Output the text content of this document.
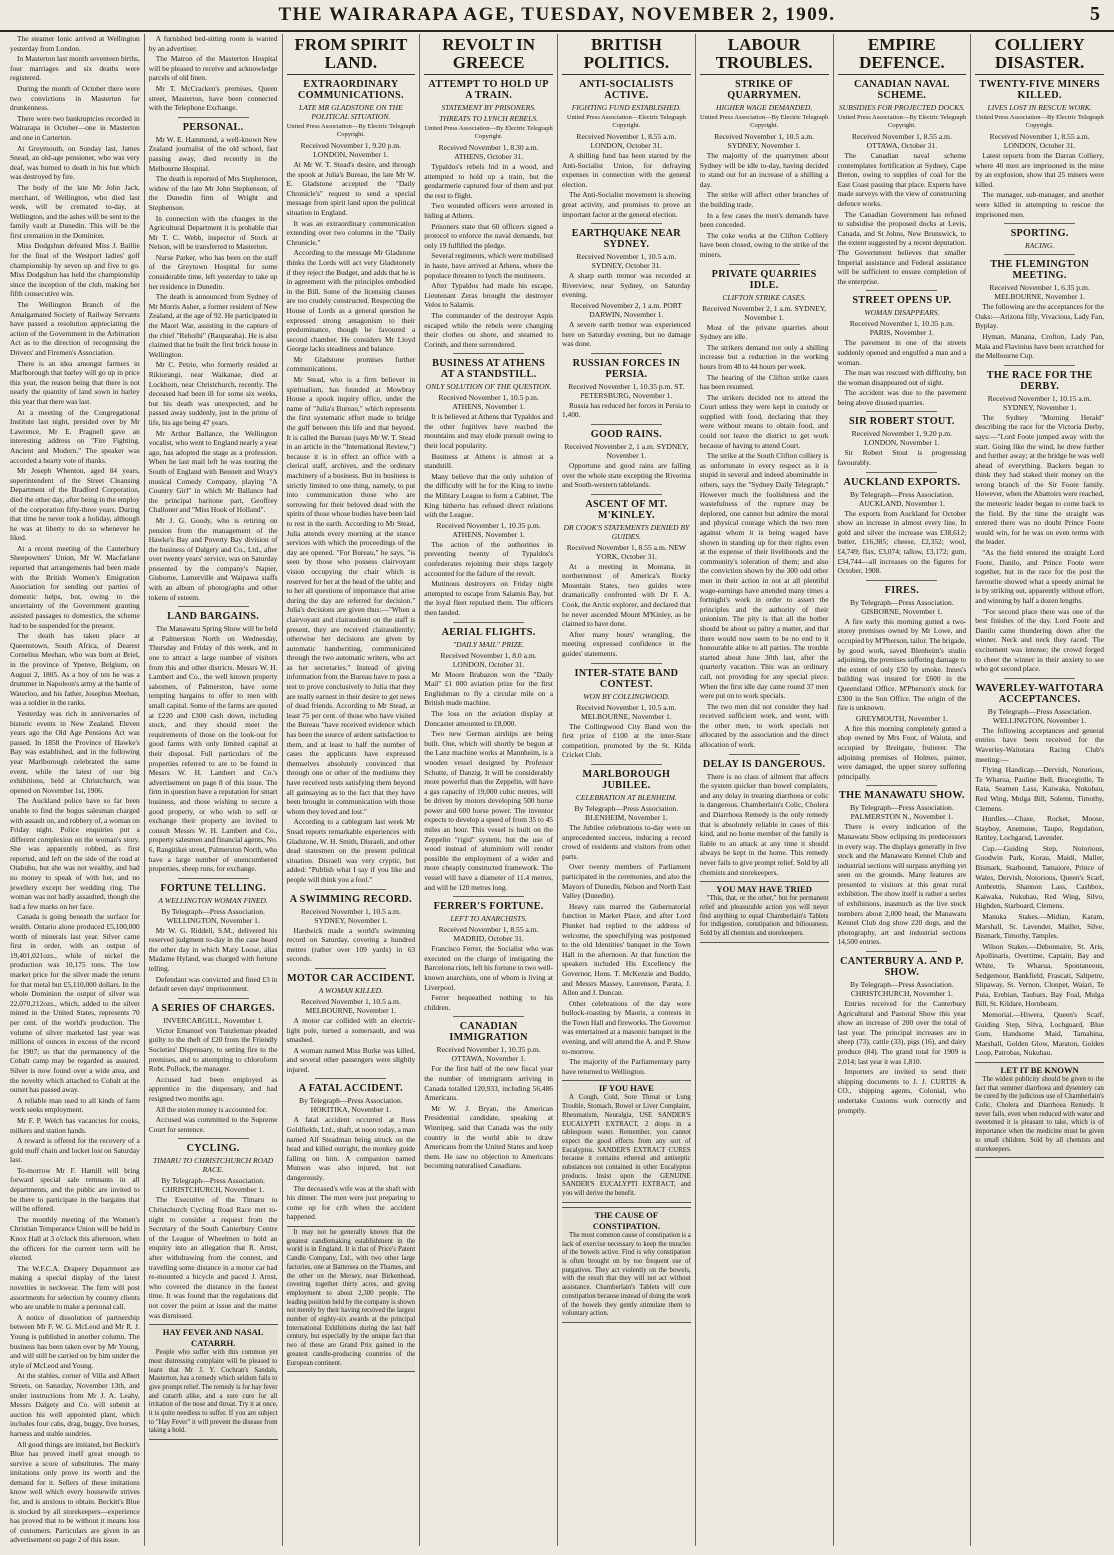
THE WAIRARAPA AGE, TUESDAY, NOVEMBER 2, 1909.	5
The steamer Ionic arrived at Wellington yesterday from London.
In Masterton last month seventeen births, four marriages and six deaths were registered.
During the month of October there were two convictions in Masterton for drunkenness.
There were two bankruptcies recorded in Wairarapa in October—one in Masterton and one in Carterton.
At Greymouth, on Sunday last, James Snead, an old-age pensioner, who was very deaf, was burned to death in his hut which was destroyed by fire.
The body of the late Mr John Jack, merchant, of Wellington, who died last week, will be cremated to-day, at Wellington, and the ashes will be sent to the family vault at Dunedin. This will be the first cremation in the Dominion.
Miss Dodgshun defeated Miss J. Baillie for the final of the Westport ladies' golf championship by seven up and five to go. Miss Dodgshun has held the championship since the inception of the club, making her fifth consecutive win.
The Wellington Branch of the Amalgamated Society of Railway Servants have passed a resolution appreciating the action of the Government in the Arbitration Act as to the direction of recognising the Drivers' and Firemen's Association.
There is an idea amongst farmers in Marlborough that barley will go up in price this year, the reason being that there is not nearly the quantity of land sown in barley this year that there was last.
At a meeting of the Congregational Institute last night, presided over by Mr Lawrence, Mr E. Pragnell gave an interesting address on "Fire Fighting, Ancient and Modern." The speaker was accorded a hearty vote of thanks.
Mr Joseph Whenton, aged 84 years, superintendent of the Street Cleansing Department of the Bradford Corporation, died the other day, after being in the employ of the corporation fifty-three years. During that time he never took a holiday, although he was at liberty to do so whenever he liked.
At a recent meeting of the Canterbury Sheepowners' Union, Mr W. Macfarlane reported that arrangements had been made with the British Women's Emigration Association for sending out parties of domestic helps, but, owing to the uncertainty of the Government granting assisted passages to domestics, the scheme had to be suspended for the present.
The death has taken place at Queenstown, South Africa, of Dearest Cornelius Meehan, who was born at Briel, in the province of Ypenve, Belgium, on August 2, 1805. As a boy of ten he was a drummer in Napoleon's army at the battle of Waterloo, and his father, Josephus Meehan, was a soldier in the ranks.
Yesterday was rich in anniversaries of historic events in New Zealand. Eleven years ago the Old Age Pensions Act was passed. In 1858 the Province of Hawke's Bay was established, and in the following year Marlborough celebrated the same event, while the latest of our big exhibitions, held at Christchurch, was opened on November 1st, 1906.
The Auckland police have so far been unable to find the bogus salesman charged with assault on, and robbery of, a woman on Friday night. Police enquiries put a different complexion on the woman's story. She was apparently robbed, as first reported, and left on the side of the road at Otahuhu, but she was not wealthy, and had no money to speak of with her, and no jewellery except her wedding ring. The woman was not badly assaulted, though she had a few marks on her face.
Canada is going beneath the surface for wealth. Ontario alone produced £5,100,000 worth of minerals last year. Silver came first in order, with an output of 19,401,021ozs., while of nickel the production was 10,175 tons. The low market price for the silver made the return for that metal but £5,110,000 dollars. In the whole Dominion the output of silver was 22,070,212ozs., which, added to the silver mined in the United States, represents 70 per cent. of the world's production. The volume of silver marketed last year was millions of ounces in excess of the record for 1907; so that the permanency of the Cobalt camp may be regarded as assured. Silver is now found over a wide area, and the novelty which attached to Cobalt at the outset has passed away.
A reliable man used to all kinds of farm work seeks employment.
Mr F. P. Welch has vacancies for cooks, milkers and station hands.
A reward is offered for the recovery of a gold muff chain and locket lost on Saturday last.
To-morrow Mr F. Hamill will bring forward special sale remnants in all departments, and the public are invited to be there to participate in the bargains that will be offered.
The monthly meeting of the Women's Christian Temperance Union will be held in Knox Hall at 3 o'clock this afternoon, when the officers for the current term will be elected.
The W.F.C.A. Drapery Department are making a special display of the latest novelties in neckwear. The firm will post assortments for selection by country clients who are unable to make a personal call.
A notice of dissolution of partnership between Mr F. W. G. McLeod and Mr R. J. Young is published in another column. The business has been taken over by Mr Young, and will still be carried on by him under the style of McLeod and Young.
At the stables, corner of Villa and Albert Streets, on Saturday, November 13th, and under instructions from Mr J. A. Leahy, Messrs Dalgety and Co. will submit at auction his well appointed plant, which includes four cabs, drag, buggy, five horses, harness and stable sundries.
All good things are imitated, but Beckitt's Blue has proved itself great enough to survive a score of substitutes. The many imitations only prove its worth and the demand for it. Sellers of these imitations know well which every housewife strives for, and is anxious to obtain. Beckitt's Blue is stocked by all storekeepers—experience has proved that to be without it means loss of customers. Particulars are given in an advertisement on page 2 of this issue.
A furnished bed-sitting room is wanted by an advertiser.
The Matron of the Masterton Hospital will be pleased to receive and acknowledge parcels of old linen.
Mr T. McCracken's premises, Queen street, Masterton, have been connected with the Telephone Exchange.
PERSONAL.
Mr W. E. Hammond, a well-known New Zealand journalist of the old school, fast passing away, died recently in the Melbourne Hospital.
The death is reported of Mrs Stephenson, widow of the late Mr John Stephenson, of the Dunedin firm of Wright and Stephenson.
In connection with the changes in the Agricultural Department it is probable that Mr T. C. Webb, inspector of Stock at Nelson, will be transferred to Masterton.
Nurse Parker, who has been on the staff of the Greytown Hospital for some considerable time, left yesterday to take up her residence in Dunedin.
The death is announced from Sydney of Mr Morris Asher, a former resident of New Zealand, at the age of 92. He participated in the Maori War, assisting in the capture of the chief "Rehoihi" (Rauparaha). He is also claimed that he built the first brick house in Wellington.
Mr C. Petrie, who formerly resided at Rikiorangi, near Waikanae, died at Lockhorn, near Christchurch, recently. The deceased had been ill for some six weeks, but his death was unexpected, and he passed away suddenly, just in the prime of life, his age being 47 years.
Mr Arthur Ballance, the Wellington vocalist, who went to England nearly a year ago, has adopted the stage as a profession. When he last mail left he was touring the South of England with Bennett and Wray's musical Comedy Company, playing "A Country Girl" in which Mr Ballance had the principal baritone part, Geoffrey Challoner and "Miss Hook of Holland".
Mr J. G. Goody, who is retiring on pension from the management of the Hawke's Bay and Poverty Bay division of the business of Dalgety and Co., Ltd., after over twenty years' service, was on Saturday presented by the company's Napier, Gisborne, Lamerville and Waipawa staffs with an album of photographs and other tokens of esteem.
LAND BARGAINS.
The Manawatu Spring Show will be held at Palmerston North on Wednesday, Thursday and Friday of this week, and in one to attract a large number of visitors from this and other districts. Messrs W. H. Lambert and Co., the well known property salesmen, of Palmerston, have some tempting bargains to offer to men with small capital. Some of the farms are quoted at £220 and £300 cash down, including stock, and they should meet the requirements of those on the look-out for good farms with only limited capital at their disposal. Full particulars of the properties referred to are to be found in Messrs W. H. Lambert and Co.'s advertisement on page 8 of this issue. The firm in question have a reputation for smart business, and those wishing to secure a good property, or who wish to sell or exchange their property are invited to consult Messrs W. H. Lambert and Co., property salesmen and financial agents, No. 6, Rangitikei street, Palmerston North, who have a large number of unencumbered properties, sheep runs, for exchange.
FORTUNE TELLING.
A WELLINGTON WOMAN FINED.
By Telegraph—Press Association. WELLINGTON, November 1.
Mr W. G. Riddell, S.M., delivered his reserved judgment to-day in the case heard the other day in which Mary Loose, alias Madame Hyland, was charged with fortune telling.
Defendant was convicted and fined £3 in default seven days' imprisonment.
A SERIES OF CHARGES.
INVERCARGILL, November 1.
Victor Emanuel von Tunzleman pleaded guilty to the theft of £20 from the Friendly Societies' Dispensary, to setting fire to the premises, and to attempting to chloroform Robt. Pollock, the manager.
Accused had been employed as apprentice in the dispensary, and had resigned two months ago.
All the stolen money is accounted for.
Accused was committed to the Supreme Court for sentence.
CYCLING.
TIMARU TO CHRISTCHURCH ROAD RACE.
By Telegraph—Press Association. CHRISTCHURCH, November 1.
The Executive of the Timaru to Christchurch Cycling Road Race met to-night to consider a request from the Secretary of the South Canterbury Centre of the League of Wheelmen to hold an enquiry into an allegation that R. Arnst, after withdrawing from the contest, and travelling some distance in a motor car had re-mounted a bicycle and paced J. Arnst, who covered the distance in the fastest time. It was found that the regulations did not cover the point at issue and the matter was dismissed.
HAY FEVER AND NASAL CATARRH.
People who suffer with this common yet most distressing complaint will be pleased to learn that Mr J. Y. Cochran's Sandals, Masterton, has a remedy which seldom fails to give prompt relief. The remedy is for hay fever and catarrh alike, and a sure cure for all irritation of the nose and throat. Try it at once, it is quite needless to suffer. If you are subject to "Hay Fever" it will prevent the disease from taking a hold.
FROM SPIRIT LAND.
EXTRAORDINARY COMMUNICATIONS.
LATE MR GLADSTONE ON THE POLITICAL SITUATION.
United Press Association—By Electric Telegraph Copyright.
Received November 1, 9.20 p.m. LONDON, November 1.
At Mr W. T. Stead's desire, and through the spook at Julia's Bureau, the late Mr W. E. Gladstone accepted the "Daily Chronicle's" request to send a special message from spirit land upon the political situation in England.
It was an extraordinary communication extending over two columns in the "Daily Chronicle."
According to the message Mr Gladstone thinks the Lords will act very Gladstonely if they reject the Budget, and adds that he is in agreement with the principles embodied in the Bill. Some of the licensing clauses are too crudely constructed. Respecting the House of Lords as a general question he expressed strong antagonism to their predominance, though he favoured a second chamber. He considers Mr Lloyd George lacks steadiness and balance.
Mr Gladstone promises further communications.
Mr Stead, who is a firm believer in spiritualism, has founded at Mowbray House a spook inquiry office, under the name of "Julia's Bureau," which represents the first systematic effort made to bridge the gulf between this life and that beyond. It is called the Bureau (says Mr W. T. Stead in an article in the "International Review,") because it is in effect an office with a clerical staff, archives, and the ordinary machinery of a business. But its business is strictly limited to one thing, namely, to put into communication those who are sorrowing for their beloved dead with the spirits of those whose bodies have been laid to rest in the earth. According to Mr Stead, Julia attends every morning at the stance services with which the proceedings of the day are opened. "For Bureau," he says, "is seen by those who possess clairvoyant vision occupying the chair which is reserved for her at the head of the table; and to her all questions of importance that arise during the day are referred for decision." Julia's decisions are given thus:—"When a clairvoyant and clairaudient on the staff is present, they are received clairaudiently; otherwise her decisions are given by automatic handwriting, communicated through the two automatic writers, who act as her secretaries." Instead of giving information from the Bureau have to pass a test to prove conclusively to Julia that they are really earnest in their desire to get news of dead friends. According to Mr Stead, at least 75 per cent. of those who have visited the Bureau "have received evidence which has been the source of ardent satisfaction to them, and at least to half the number of cases the applicants have expressed themselves absolutely convinced that through one or other of the mediums they have received tests satisfying them beyond all gainsaying as to the fact that they have been brought in communication with those whom they loved and lost."
According to a cablegram last week Mr Stead reports remarkable experiences with Gladstone, W. H. Smith, Disraeli, and other dead statesmen on the present political situation. Disraeli was very cryptic, but added: "Publish what I say if you like and people will think you a fool."
A SWIMMING RECORD.
Received November 1, 10.5 a.m. SYDNEY, November 1.
Hardwick made a world's swimming record on Saturday, covering a hundred metres (rather over 109 yards) in 63 seconds.
MOTOR CAR ACCIDENT.
A WOMAN KILLED.
Received November 1, 10.5 a.m. MELBOURNE, November 1.
A motor car collided with an electric-light pole, turned a somersault, and was smashed.
A woman named Miss Burke was killed, and several other passengers were slightly injured.
A FATAL ACCIDENT.
By Telegraph—Press Association. HOKITIKA, November 1.
A fatal accident occurred at Ross Goldfields, Ltd., shaft, at noon today, a man named Alf Steadman being struck on the head and killed outright, the monkey guide falling on him. A companion named Munson was also injured, but not dangerously.
The deceased's wife was at the shaft with his dinner. The men were just preparing to come up for crib when the accident happened.
It may not be generally known that the greatest candlemaking establishment in the world is in England. It is that of Price's Patent Candle Company, Ltd., with two other large factories, one at Battersea on the Thames, and the other on the Mersey, near Birkenhead, covering together thirty acres, and giving employment to about 2,300 people. The leading position held by the company is shown not merely by their having received the largest number of eighty-six awards at the principal International Exhibitions during the last half century, but especially by the unique fact that two of these are Grand Prix gained in the greatest candle-producing countries of the European continent.
REVOLT IN GREECE
ATTEMPT TO HOLD UP A TRAIN.
STATEMENT BY PRISONERS.
THREATS TO LYNCH REBELS.
United Press Association—By Electric Telegraph Copyright.
Received November 1, 8.30 a.m. ATHENS, October 31.
Typaldos's rebels hid in a wood, and attempted to hold up a train, but the gendarmerie captured four of them and put the rest to flight.
Two wounded officers were arrested in hiding at Athens.
Prisoners state that 60 officers signed a protocol to enforce the naval demands, but only 19 fulfilled the pledge.
Several regiments, which were mobilised in haste, have arrived at Athens, where the populace threaten to lynch the mutineers.
After Typaldos had made his escape, Lieutenant Zeras brought the destroyer Velos to Salamis.
The commander of the destroyer Aspis escaped while the rebels were changing their clothes on shore, and steamed to Corinth, and there surrendered.
BUSINESS AT ATHENS AT A STANDSTILL.
ONLY SOLUTION OF THE QUESTION.
Received November 1, 10.5 p.m. ATHENS, November 1.
It is believed at Athens that Typaldos and the other fugitives have reached the mountains and may elude pursuit owing to their local popularity.
Business at Athens is almost at a standstill.
Many believe that the only solution of the difficulty will be for the King to invite the Military League to form a Cabinet. The King hitherto has refused direct relations with the League.
Received November 1, 10.35 p.m. ATHENS, November 1.
The action of the authorities in preventing twenty of Typaldos's confederates rejoining their ships largely accounted for the failure of the revolt.
Mutinous destroyers on Friday night attempted to escape from Salamis Bay, but the loyal fleet repulsed them. The officers then landed.
AERIAL FLIGHTS.
"DAILY MAIL" PRIZE.
Received November 1, 8.0 a.m. LONDON, October 31.
Mr Moore Brabazon won the "Daily Mail" £1 000 aviation prize for the first Englishman to fly a circular mile on a British made machine.
The loss on the aviation display at Doncaster amounted to £8,000.
Two new German airships are being built. One, which will shortly be begun at the Lanz machine works at Mannheim, is a wooden vessel designed by Professor Schutte, of Danzig. It will be considerably more powerful than the Zeppelin, will have a gas capacity of 19,000 cubic metres, will be driven by motors developing 500 horse power and 600 horse power. The inventor expects to develop a speed of from 35 to 45 miles an hour. This vessel is built on the Zeppelin "rigid" system, but the use of wood instead of aluminium will render possible the employment of a wider and more cheaply constructed framework. The vessel will have a diameter of 11.4 metres, and will be 120 metres long.
FERRER'S FORTUNE.
LEFT TO ANARCHISTS.
Received November 1, 8.55 a.m. MADRID, October 31.
Francisco Ferrer, the Socialist who was executed on the charge of instigating the Barcelona riots, left his fortune to two well-known anarchists, one of whom is living at Liverpool.
Ferrer bequeathed nothing to his children.
CANADIAN IMMIGRATION
Received November 1, 10.35 p.m. OTTAWA, November 1.
For the first half of the new fiscal year the number of immigrants arriving in Canada totalled 120,933, including 56,486 Americans.
Mr W. J. Bryan, the American Presidential candidate, speaking at Winnipeg, said that Canada was the only country in the world able to draw Americans from the United States and keep them. He saw no objection to Americans becoming naturalised Canadians.
BRITISH POLITICS.
ANTI-SOCIALISTS ACTIVE.
FIGHTING FUND ESTABLISHED.
United Press Association—Electric Telegraph Copyright.
Received November 1, 8.55 a.m. LONDON, October 31.
A shilling fund has been started by the Anti-Socialist Union, for defraying expenses in connection with the general election.
The Anti-Socialist movement is showing great activity, and promises to prove an important factor at the general election.
EARTHQUAKE NEAR SYDNEY.
Received November 1, 10.5 a.m. SYDNEY, October 31.
A sharp earth tremor was recorded at Riverview, near Sydney, on Saturday evening.
Received November 2, 1 a.m. PORT DARWIN, November 1.
A severe earth tremor was experienced here on Saturday evening, but no damage was done.
RUSSIAN FORCES IN PERSIA.
Received November 1, 10.35 p.m. ST. PETERSBURG, November 1.
Russia has reduced her forces in Persia to 1,400.
GOOD RAINS.
Received November 2, 1 a.m. SYDNEY, November 1.
Opportune and good rains are falling over the whole state excepting the Riverina and South-western tablelands.
ASCENT OF MT. M'KINLEY.
DR COOK'S STATEMENTS DENIED BY GUIDES.
Received November 1, 8.55 a.m. NEW YORK, October 31.
At a meeting in Montana, in northernmost of America's Rocky Mountain States, two guides were dramatically confronted with Dr F. A. Cook, the Arctic explorer, and declared that he never ascended Mount M'Kinley, as he claimed to have done.
After many hours' wrangling, the meeting expressed confidence in the guides' statements.
INTER-STATE BAND CONTEST.
WON BY COLLINGWOOD.
Received November 1, 10.5 a.m. MELBOURNE, November 1.
The Collingwood City Band won the first prize of £100 at the inter-State competition, promoted by the St. Kilda Cricket Club.
MARLBOROUGH JUBILEE.
CELEBRATION AT BLENHEIM.
By Telegraph—Press Association. BLENHEIM, November 1.
The Jubilee celebrations to-day were on unprecedented success, inducing a record crowd of residents and visitors from other parts.
Over twenty members of Parliament participated in the ceremonies, and also the Mayors of Dunedin, Nelson and North East Valley (Dunedin).
Heavy rain marred the Gubernatorial function in Market Place, and after Lord Plunket had replied to the address of welcome, the speechifying was postponed to the old Identities' banquet in the Town Hall in the afternoon. At that function the speakers included His Excellency the Governor, Hons. T. McKenzie and Buddo, and Messrs Massey, Laurenson, Parata, J. Allen and J. Duncan.
Other celebrations of the day were bullock-roasting by Maoris, a contests in the Town Hall and fireworks. The Governor was entertained at a masonic banquet in the evening, and will attend the A. and P. Show to-morrow.
The majority of the Parliamentary party have returned to Wellington.
IF YOU HAVE
A Cough, Cold, Sore Throat or Lung Trouble, Stomach, Bowel or Liver Complaint, Rheumatism, Neuralgia, USE SANDER'S EUCALYPTI EXTRACT, 2 drops in a tablespoon water. Remember, you cannot expect the good effects from any sort of Eucalyptus. SANDER'S EXTRACT CURES because it contains ethereal and antiseptic substances not contained in other Eucalyptus products. Insist upon the GENUINE SANDER'S EUCALYPTI EXTRACT, and you will derive the benefit.
THE CAUSE OF CONSTIPATION.
The most common cause of constipation is a lack of exercise necessary to keep the muscles of the bowels active. Find is why constipation is often brought on by too frequent use of purgatives. They act violently on the bowels, with the result that they will not act without assistance. Chamberlain's Tablets will cure constipation because instead of doing the work of the bowels they gently stimulate them to voluntary action.
LABOUR TROUBLES.
STRIKE OF QUARRYMEN.
HIGHER WAGE DEMANDED.
United Press Association—By Electric Telegraph Copyright.
Received November 1, 10.5 a.m. SYDNEY, November 1.
The majority of the quarrymen about Sydney will be idle to-day, having decided to stand out for an increase of a shilling a day.
The strike will affect other branches of the building trade.
In a few cases the men's demands have been conceded.
The coke works at the Clifton Colliery have been closed, owing to the strike of the miners.
PRIVATE QUARRIES IDLE.
CLIFTON STRIKE CASES.
Received November 2, 1 a.m. SYDNEY, November 1.
Most of the private quarries about Sydney are idle.
The strikers demand not only a shilling increase but a reduction in the working hours from 48 to 44 hours per week.
The hearing of the Clifton strike cases has been resumed.
The strikers decided not to attend the Court unless they were kept in custody or supplied with food, declaring that they were without means to obtain food, and could not leave the district to get work because of having to attend Court.
The strike at the South Clifton colliery is as unfortunate in every respect as it is stupid in several and indeed abominable in others, says the "Sydney Daily Telegraph." However much the foolishness and the wastefulness of the rupture may be deplored, one cannot but admire the moral and physical courage which the two men against whom it is being waged have shown in standing up for their rights even at the expense of their livelihoods and the community's toleration of them; and also the conviction shown by the 300 odd other men in their action in not at all plentiful wage-earnings have attended many times a fortnight's work in order to assert the principles and the authority of their unionism. The pity is that all the bother should be about so paltry a matter, and that there would now seem to be no end to it honourable alike to all parties. The trouble started about June 30th last, after the quarterly vacation. This was an ordinary call, not providing for any special piece. When the first idle day came round 37 men were put on to work specials.
The two men did not consider they had received sufficient work, and went, with the other men, to work specials not allocated by the association and the direct allocation of work.
DELAY IS DANGEROUS.
There is no class of ailment that affects the system quicker than bowel complaints, and any delay in treating diarrhoea or colic is dangerous. Chamberlain's Colic, Cholera and Diarrhoea Remedy is the only remedy that is absolutely reliable in cases of this kind, and no home member of the family is liable to an attack at any time it should always be kept in the home. This remedy never fails to give prompt relief. Sold by all chemists and storekeepers.
YOU MAY HAVE TRIED
"This, that, or the other," but for permanent relief and pleasurable action you will never find anything to equal Chamberlain's Tablets for indigestion, constipation and biliousness. Sold by all chemists and storekeepers.
EMPIRE DEFENCE.
CANADIAN NAVAL SCHEME.
SUBSIDIES FOR PROJECTED DOCKS.
United Press Association—By Electric Telegraph Copyright.
Received November 1, 8.55 a.m. OTTAWA, October 31.
The Canadian naval scheme contemplates fortification at Sydney, Cape Breton, owing to supplies of coal for the East Coast passing that place. Experts have made surveys with the view of constructing defence works.
The Canadian Government has refused to subsidise the proposed docks at Levis, Canada, and St Johns, New Brunswick, to the extent suggested by a recent deputation. The Government believes that smaller Imperial assistance and Federal assistance will be sufficient to ensure completion of the enterprise.
STREET OPENS UP.
WOMAN DISAPPEARS.
Received November 1, 10.35 p.m. PARIS, November 1.
The pavement in one of the streets suddenly opened and engulfed a man and a woman.
The man was rescued with difficulty, but the woman disappeared out of sight.
The accident was due to the pavement being above disused quarries.
SIR ROBERT STOUT.
Received November 1, 9.20 p.m. LONDON, November 1.
Sir Robert Stout is progressing favourably.
AUCKLAND EXPORTS.
By Telegraph—Press Association. AUCKLAND, November 1.
The exports from Auckland for October show an increase in almost every line. In gold and silver the increase was £38,612; butter, £16,385; cheese, £2,352; wool, £4,749; flax, £3,074; tallow, £3,172; gum, £34,744—all increases on the figures for October, 1908.
FIRES.
By Telegraph—Press Association. GISBORNE, November 1.
A fire early this morning gutted a two-storey premises owned by Mr Lowe, and occupied by M'Pherson, tailor. The brigade, by good work, saved Blenheim's studio adjoining, the premises suffering damage to the extent of only £50 by smoke. Innes's building was insured for £600 in the Queensland Office. M'Pherson's stock for £300 in the Sun Office. The origin of the fire is unknown.
GREYMOUTH, November 1.
A fire this morning completely gutted a shop owned by Mrs Foot, of Waiuta, and occupied by Breitgate, fruiterer. The adjoining premises of Holmes, painter, were damaged, the upper storey suffering principally.
THE MANAWATU SHOW.
By Telegraph—Press Association. PALMERSTON N., November 1.
There is every indication of the Manawatu Show eclipsing its predecessors in every way. The displays generally in live stock and the Manawatu Kennel Club and industrial sections will surpass anything yet seen on the grounds. Many features are presented to visitors at this great rural exhibition. The show itself is rather a series of exhibitions, inasmuch as the live stock numbers about 2,000 head, the Manawatu Kennel Club dog show 220 dogs, and the photography, art and industrial sections 14,500 entries.
CANTERBURY A. AND P. SHOW.
By Telegraph—Press Association. CHRISTCHURCH, November 1.
Entries received for the Canterbury Agricultural and Pastoral Show this year show an increase of 200 over the total of last year. The principal increases are in sheep (73), cattle (33), pigs (16), and dairy produce (84). The grand total for 1909 is 2,014; last year it was 1,810.
Importers are invited to send their shipping documents to J. J. CURTIS & CO., shipping agents, Colonial, who undertake Customs work correctly and promptly.
COLLIERY DISASTER.
TWENTY-FIVE MINERS KILLED.
LIVES LOST IN RESCUE WORK.
United Press Association—By Electric Telegraph Copyright.
Received November 1, 8.55 a.m. LONDON, October 31.
Latest reports from the Darran Colliery, where 40 men are imprisoned in the mine by an explosion, show that 25 miners were killed.
The manager, sub-manager, and another were killed in attempting to rescue the imprisoned men.
SPORTING.
RACING.
THE FLEMINGTON MEETING.
Received November 1, 6.35 p.m. MELBOURNE, November 1.
The following are the acceptances for the Oaks:—Arizona filly, Vivacious, Lady Fan, Byplay.
Hyman, Manana, Crofton, Lady Pan, Mala and Flavinius have been scratched for the Melbourne Cup.
THE RACE FOR THE DERBY.
Received November 1, 10.15 a.m. SYDNEY, November 1.
The Sydney "Morning Herald" describing the race for the Victoria Derby, says:—"Lord Foote jumped away with the start. Going like the wind, he drew further and further away; at the bridge he was well ahead of everything. Backers began to think they had staked their money on the wrong branch of the Sir Foote family. However, when the Abattoirs were reached, the meteoric leader began to come back to the field. By the time the straight was entered there was no doubt Prince Foote would win, for he was on even terms with the leader.
"As the field entered the straight Lord Foote, Danilo, and Prince Foote were together, but in the race for the post the favourite showed what a speedy animal he is by striking out, apparently without effort, and winning by half a dozen lengths.
"For second place there was one of the best finishes of the day. Lord Foote and Danilo came thundering down after the winner. Neck and neck they raced. The excitement was intense; the crowd forged to cheer the winner in their anxiety to see who got second place.
WAVERLEY-WAITOTARA ACCEPTANCES.
By Telegraph—Press Association. WELLINGTON, November 1.
The following acceptances and general entries have been received for the Waverley-Waitotara Racing Club's meeting:—
Flying Handicap.—Dervish, Notorious, Te Wharua, Pauline Bell, Bracegirdle, Te Rata, Seamen Lass, Kaiwaka, Nukubau, Red Wing, Mulga Bill, Solemn, Timothy, Clemens.
Hurdles.—Chase, Rocket, Moose, Stayboy, Anemone, Taupo, Regulation, Rattley, Lochgarsd, Lavender.
Cup.—Guiding Step, Notorious, Goodwin Park, Korau, Maidi, Maller, Bismark, Starbound, Tamaiore, Prince of Wales, Dervish, Notorious, Queen's Scarf, Ambrettis, Shannon Lass, Cashbox, Kaiwaka, Nukuhau, Red Wing, Silvo, Highden, Starboard, Clemens.
Manuka Stakes.—Midian, Karam, Marshall, St. Lavender, Maillet, Silve, Bismark, Timothy, Tamples.
Wilson Stakes.—Debonnaire, St. Aris, Apollinaris, Overtime, Captain, Bay and White, Te Wharua, Spontaneous, Sedgemoor, Bankfield, Frascati, Saltpetre, Slipaway, St. Vernon, Clonpet, Waiari, Te Puia, Erebian, Taubars, Bay Foal, Mulga Bill, St. Kildare, Hornbeam.
Memorial.—Hiwera, Queen's Scarf, Guiding Step, Silva, Lochguard, Blue Gum, Handsome Maid, Tamahina, Marshall, Golden Glow, Maraton, Golden Loop, Patrobas, Nukuhau.
LET IT BE KNOWN
The widest publicity should be given to the fact that summer diarrhoea and dysentery can be cured by the judicious use of Chamberlain's Colic, Cholera and Diarrhoea Remedy. It never fails, even when reduced with water and sweetened it is pleasant to take, which is of importance when the medicine must be given to small children. Sold by all chemists and storekeepers.
